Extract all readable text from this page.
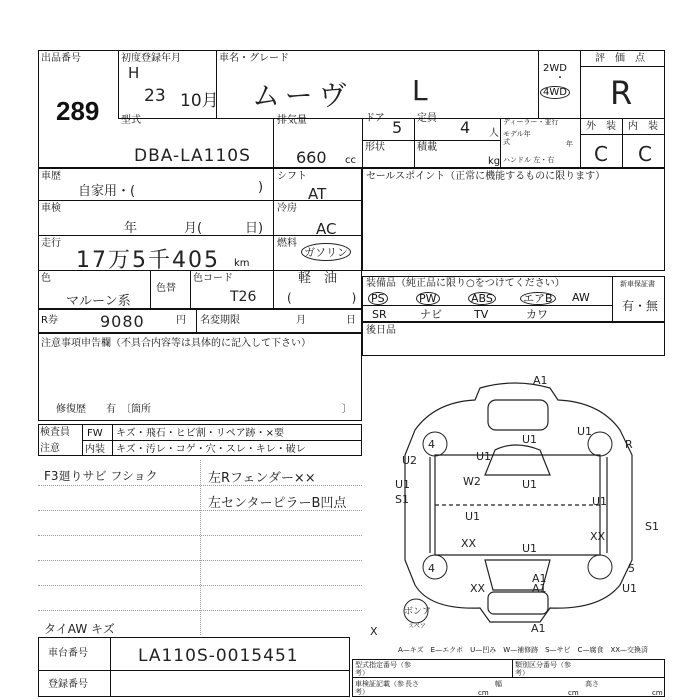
出品番号
289
初度登録年月
H
23 10月
車名・グレード
ムーヴ L
2WD
・
4WD
評　価　点
R
外　装 内　装
C C
型式
DBA-LA110S
排気量
660 cc
ドア 5 定員 4 人
形状	積載
kg
ディーラー・並行
モデル年式	年
ハンドル 左・右
車歴
自家用・(	)
シフト
AT
車検
年	月(	日)
冷房
AC
走行
17万5千405 km
燃料
ガソリン
軽　油
(　　　　　)
色
マルーン系
色替
色コード
T26
セールスポイント（正常に機能するものに限ります）
装備品（純正品に限り○をつけてください）	新車保証書
有・無
PS	PW	ABS	エアB AW
SR	ナビ	TV	カワ
後日品
R券	9080	円 名変期限	月	日
注意事項申告欄（不具合内容等は具体的に記入して下さい）
修復歴　　有　〔箇所	〕
検査員
注意
FW キズ・飛石・ヒビ割・リペア跡・×要
内装 キズ・汚レ・コゲ・穴・スレ・キレ・破レ
F3廻りサビ フショク	左Rフェンダー××
左センターピラーB凹点
タイAW キズ
A1
U1
U1
4	R
U1
U2
W2	U1
U1
U1
S1
S1
XX
XX
U1
4	5
XX	A1
A1
U1
A1
X
U1
ボンア
スペア
A—キズ　E—エクボ　U—凹み　W—補修跡　S—サビ　C—腐食　XX—交換済
車台番号	LA110S-0015451
登録番号
型式指定番号（参考）
類別区分番号（参考）
車検証記載（参考）
長さ
cm
幅
cm
高さ
cm
